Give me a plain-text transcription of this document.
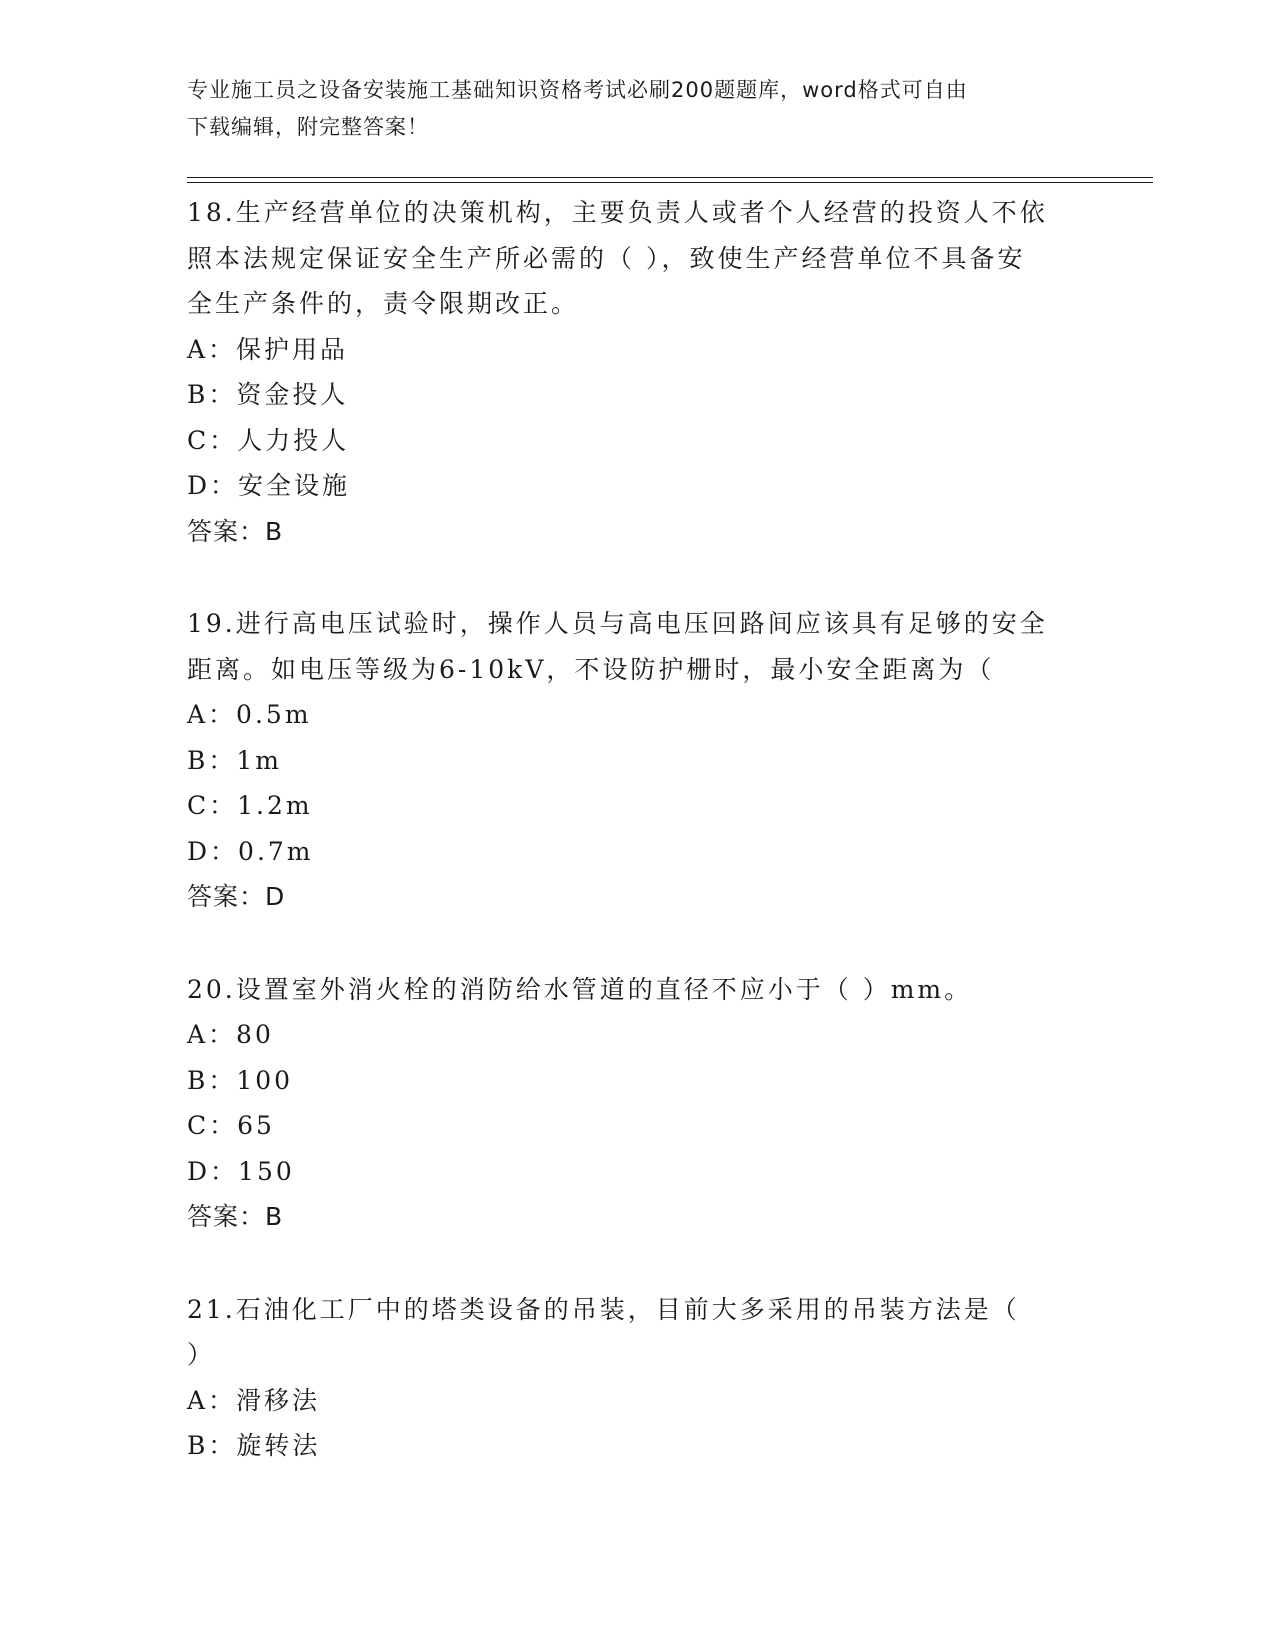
专业施工员之设备安装施工基础知识资格考试必刷200题题库，word格式可自由
下载编辑，附完整答案！
18.生产经营单位的决策机构，主要负责人或者个人经营的投资人不依
照本法规定保证安全生产所必需的（ ），致使生产经营单位不具备安
全生产条件的，责令限期改正。
A：保护用品
B：资金投人
C：人力投人
D：安全设施
答案：B
19.进行高电压试验时，操作人员与高电压回路间应该具有足够的安全
距离。如电压等级为6-10kV，不设防护栅时，最小安全距离为（
A：0.5m
B：1m
C：1.2m
D：0.7m
答案：D
20.设置室外消火栓的消防给水管道的直径不应小于（ ）mm。
A：80
B：100
C：65
D：150
答案：B
21.石油化工厂中的塔类设备的吊装，目前大多采用的吊装方法是（
）
A：滑移法
B：旋转法
